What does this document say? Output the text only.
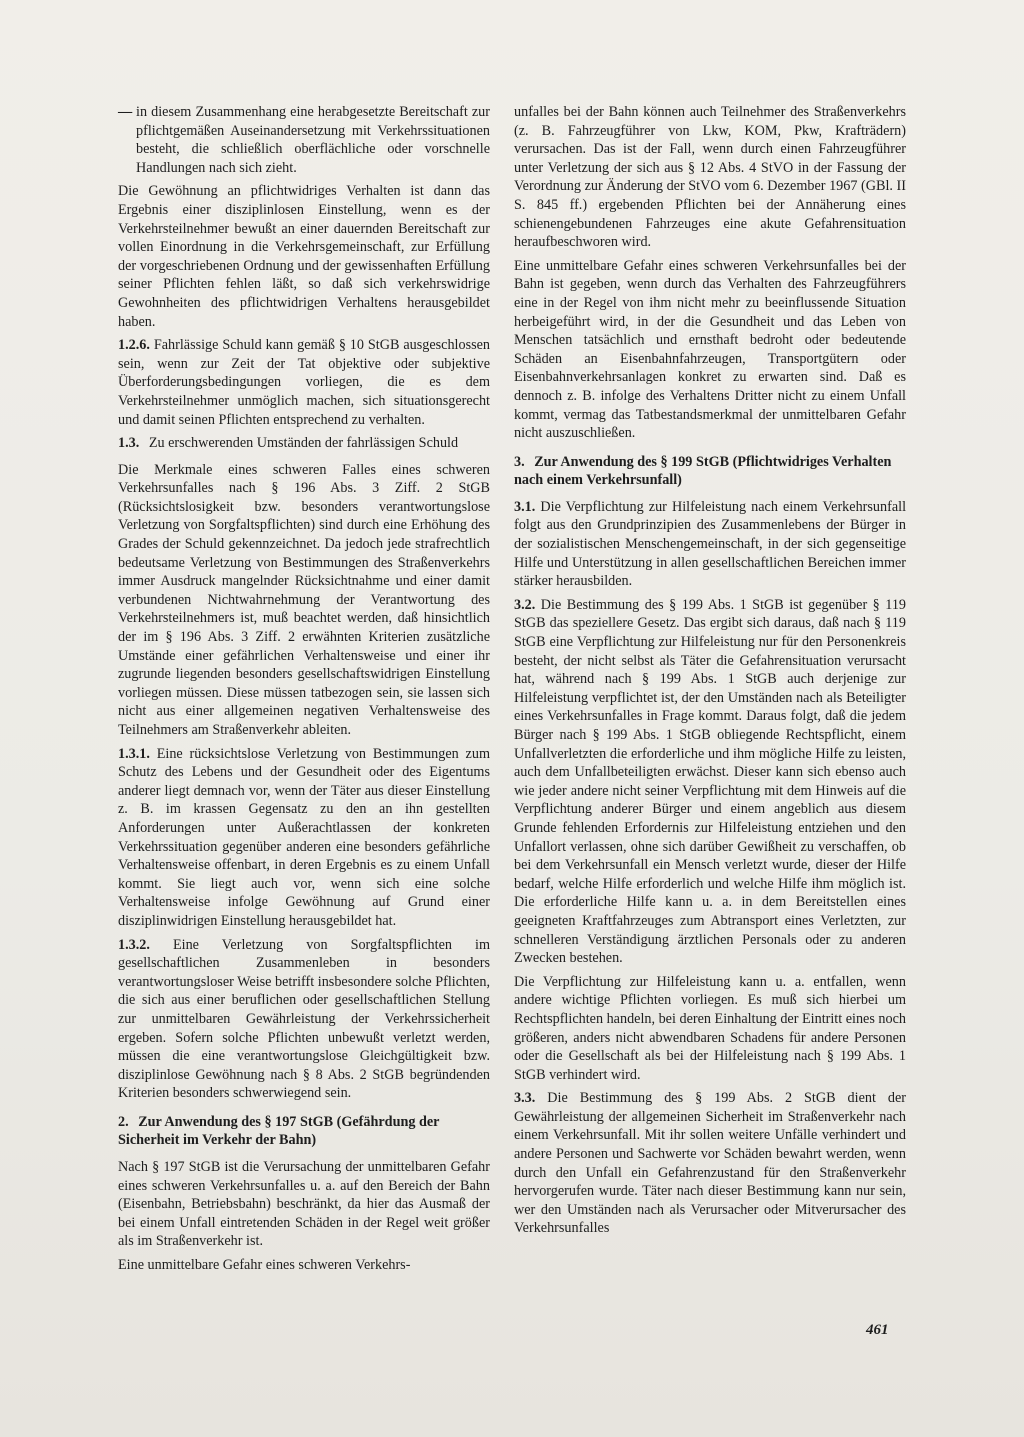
— in diesem Zusammenhang eine herabgesetzte Bereitschaft zur pflichtgemäßen Auseinandersetzung mit Verkehrssituationen besteht, die schließlich oberflächliche oder vorschnelle Handlungen nach sich zieht.

Die Gewöhnung an pflichtwidriges Verhalten ist dann das Ergebnis einer disziplinlosen Einstellung, wenn es der Verkehrsteilnehmer bewußt an einer dauernden Bereitschaft zur vollen Einordnung in die Verkehrsgemeinschaft, zur Erfüllung der vorgeschriebenen Ordnung und der gewissenhaften Erfüllung seiner Pflichten fehlen läßt, so daß sich verkehrswidrige Gewohnheiten des pflichtwidrigen Verhaltens herausgebildet haben.

1.2.6. Fahrlässige Schuld kann gemäß § 10 StGB ausgeschlossen sein, wenn zur Zeit der Tat objektive oder subjektive Überforderungsbedingungen vorliegen, die es dem Verkehrsteilnehmer unmöglich machen, sich situationsgerecht und damit seinen Pflichten entsprechend zu verhalten.

1.3. Zu erschwerenden Umständen der fahrlässigen Schuld

Die Merkmale eines schweren Falles eines schweren Verkehrsunfalles nach § 196 Abs. 3 Ziff. 2 StGB (Rücksichtslosigkeit bzw. besonders verantwortungslose Verletzung von Sorgfaltspflichten) sind durch eine Erhöhung des Grades der Schuld gekennzeichnet. Da jedoch jede strafrechtlich bedeutsame Verletzung von Bestimmungen des Straßenverkehrs immer Ausdruck mangelnder Rücksichtnahme und einer damit verbundenen Nichtwahrnehmung der Verantwortung des Verkehrsteilnehmers ist, muß beachtet werden, daß hinsichtlich der im § 196 Abs. 3 Ziff. 2 erwähnten Kriterien zusätzliche Umstände einer gefährlichen Verhaltensweise und einer ihr zugrunde liegenden besonders gesellschaftswidrigen Einstellung vorliegen müssen. Diese müssen tatbezogen sein, sie lassen sich nicht aus einer allgemeinen negativen Verhaltensweise des Teilnehmers am Straßenverkehr ableiten.

1.3.1. Eine rücksichtslose Verletzung von Bestimmungen zum Schutz des Lebens und der Gesundheit oder des Eigentums anderer liegt demnach vor, wenn der Täter aus dieser Einstellung z. B. im krassen Gegensatz zu den an ihn gestellten Anforderungen unter Außerachtlassen der konkreten Verkehrssituation gegenüber anderen eine besonders gefährliche Verhaltensweise offenbart, in deren Ergebnis es zu einem Unfall kommt. Sie liegt auch vor, wenn sich eine solche Verhaltensweise infolge Gewöhnung auf Grund einer disziplinwidrigen Einstellung herausgebildet hat.

1.3.2. Eine Verletzung von Sorgfaltspflichten im gesellschaftlichen Zusammenleben in besonders verantwortungsloser Weise betrifft insbesondere solche Pflichten, die sich aus einer beruflichen oder gesellschaftlichen Stellung zur unmittelbaren Gewährleistung der Verkehrssicherheit ergeben. Sofern solche Pflichten unbewußt verletzt werden, müssen die eine verantwortungslose Gleichgültigkeit bzw. disziplinlose Gewöhnung nach § 8 Abs. 2 StGB begründenden Kriterien besonders schwerwiegend sein.

2. Zur Anwendung des § 197 StGB (Gefährdung der Sicherheit im Verkehr der Bahn)

Nach § 197 StGB ist die Verursachung der unmittelbaren Gefahr eines schweren Verkehrsunfalles u. a. auf den Bereich der Bahn (Eisenbahn, Betriebsbahn) beschränkt, da hier das Ausmaß der bei einem Unfall eintretenden Schäden in der Regel weit größer als im Straßenverkehr ist.

Eine unmittelbare Gefahr eines schweren Verkehrs-

unfalles bei der Bahn können auch Teilnehmer des Straßenverkehrs (z. B. Fahrzeugführer von Lkw, KOM, Pkw, Krafträdern) verursachen. Das ist der Fall, wenn durch einen Fahrzeugführer unter Verletzung der sich aus § 12 Abs. 4 StVO in der Fassung der Verordnung zur Änderung der StVO vom 6. Dezember 1967 (GBl. II S. 845 ff.) ergebenden Pflichten bei der Annäherung eines schienengebundenen Fahrzeuges eine akute Gefahrensituation heraufbeschworen wird.

Eine unmittelbare Gefahr eines schweren Verkehrsunfalles bei der Bahn ist gegeben, wenn durch das Verhalten des Fahrzeugführers eine in der Regel von ihm nicht mehr zu beeinflussende Situation herbeigeführt wird, in der die Gesundheit und das Leben von Menschen tatsächlich und ernsthaft bedroht oder bedeutende Schäden an Eisenbahnfahrzeugen, Transportgütern oder Eisenbahnverkehrsanlagen konkret zu erwarten sind. Daß es dennoch z. B. infolge des Verhaltens Dritter nicht zu einem Unfall kommt, vermag das Tatbestandsmerkmal der unmittelbaren Gefahr nicht auszuschließen.

3. Zur Anwendung des § 199 StGB (Pflichtwidriges Verhalten nach einem Verkehrsunfall)

3.1. Die Verpflichtung zur Hilfeleistung nach einem Verkehrsunfall folgt aus den Grundprinzipien des Zusammenlebens der Bürger in der sozialistischen Menschengemeinschaft, in der sich gegenseitige Hilfe und Unterstützung in allen gesellschaftlichen Bereichen immer stärker herausbilden.

3.2. Die Bestimmung des § 199 Abs. 1 StGB ist gegenüber § 119 StGB das speziellere Gesetz. Das ergibt sich daraus, daß nach § 119 StGB eine Verpflichtung zur Hilfeleistung nur für den Personenkreis besteht, der nicht selbst als Täter die Gefahrensituation verursacht hat, während nach § 199 Abs. 1 StGB auch derjenige zur Hilfeleistung verpflichtet ist, der den Umständen nach als Beteiligter eines Verkehrsunfalles in Frage kommt. Daraus folgt, daß die jedem Bürger nach § 199 Abs. 1 StGB obliegende Rechtspflicht, einem Unfallverletzten die erforderliche und ihm mögliche Hilfe zu leisten, auch dem Unfallbeteiligten erwächst. Dieser kann sich ebenso auch wie jeder andere nicht seiner Verpflichtung mit dem Hinweis auf die Verpflichtung anderer Bürger und einem angeblich aus diesem Grunde fehlenden Erfordernis zur Hilfeleistung entziehen und den Unfallort verlassen, ohne sich darüber Gewißheit zu verschaffen, ob bei dem Verkehrsunfall ein Mensch verletzt wurde, dieser der Hilfe bedarf, welche Hilfe erforderlich und welche Hilfe ihm möglich ist. Die erforderliche Hilfe kann u. a. in dem Bereitstellen eines geeigneten Kraftfahrzeuges zum Abtransport eines Verletzten, zur schnelleren Verständigung ärztlichen Personals oder zu anderen Zwecken bestehen.

Die Verpflichtung zur Hilfeleistung kann u. a. entfallen, wenn andere wichtige Pflichten vorliegen. Es muß sich hierbei um Rechtspflichten handeln, bei deren Einhaltung der Eintritt eines noch größeren, anders nicht abwendbaren Schadens für andere Personen oder die Gesellschaft als bei der Hilfeleistung nach § 199 Abs. 1 StGB verhindert wird.

3.3. Die Bestimmung des § 199 Abs. 2 StGB dient der Gewährleistung der allgemeinen Sicherheit im Straßenverkehr nach einem Verkehrsunfall. Mit ihr sollen weitere Unfälle verhindert und andere Personen und Sachwerte vor Schäden bewahrt werden, wenn durch den Unfall ein Gefahrenzustand für den Straßenverkehr hervorgerufen wurde. Täter nach dieser Bestimmung kann nur sein, wer den Umständen nach als Verursacher oder Mitverursacher des Verkehrsunfalles

461
